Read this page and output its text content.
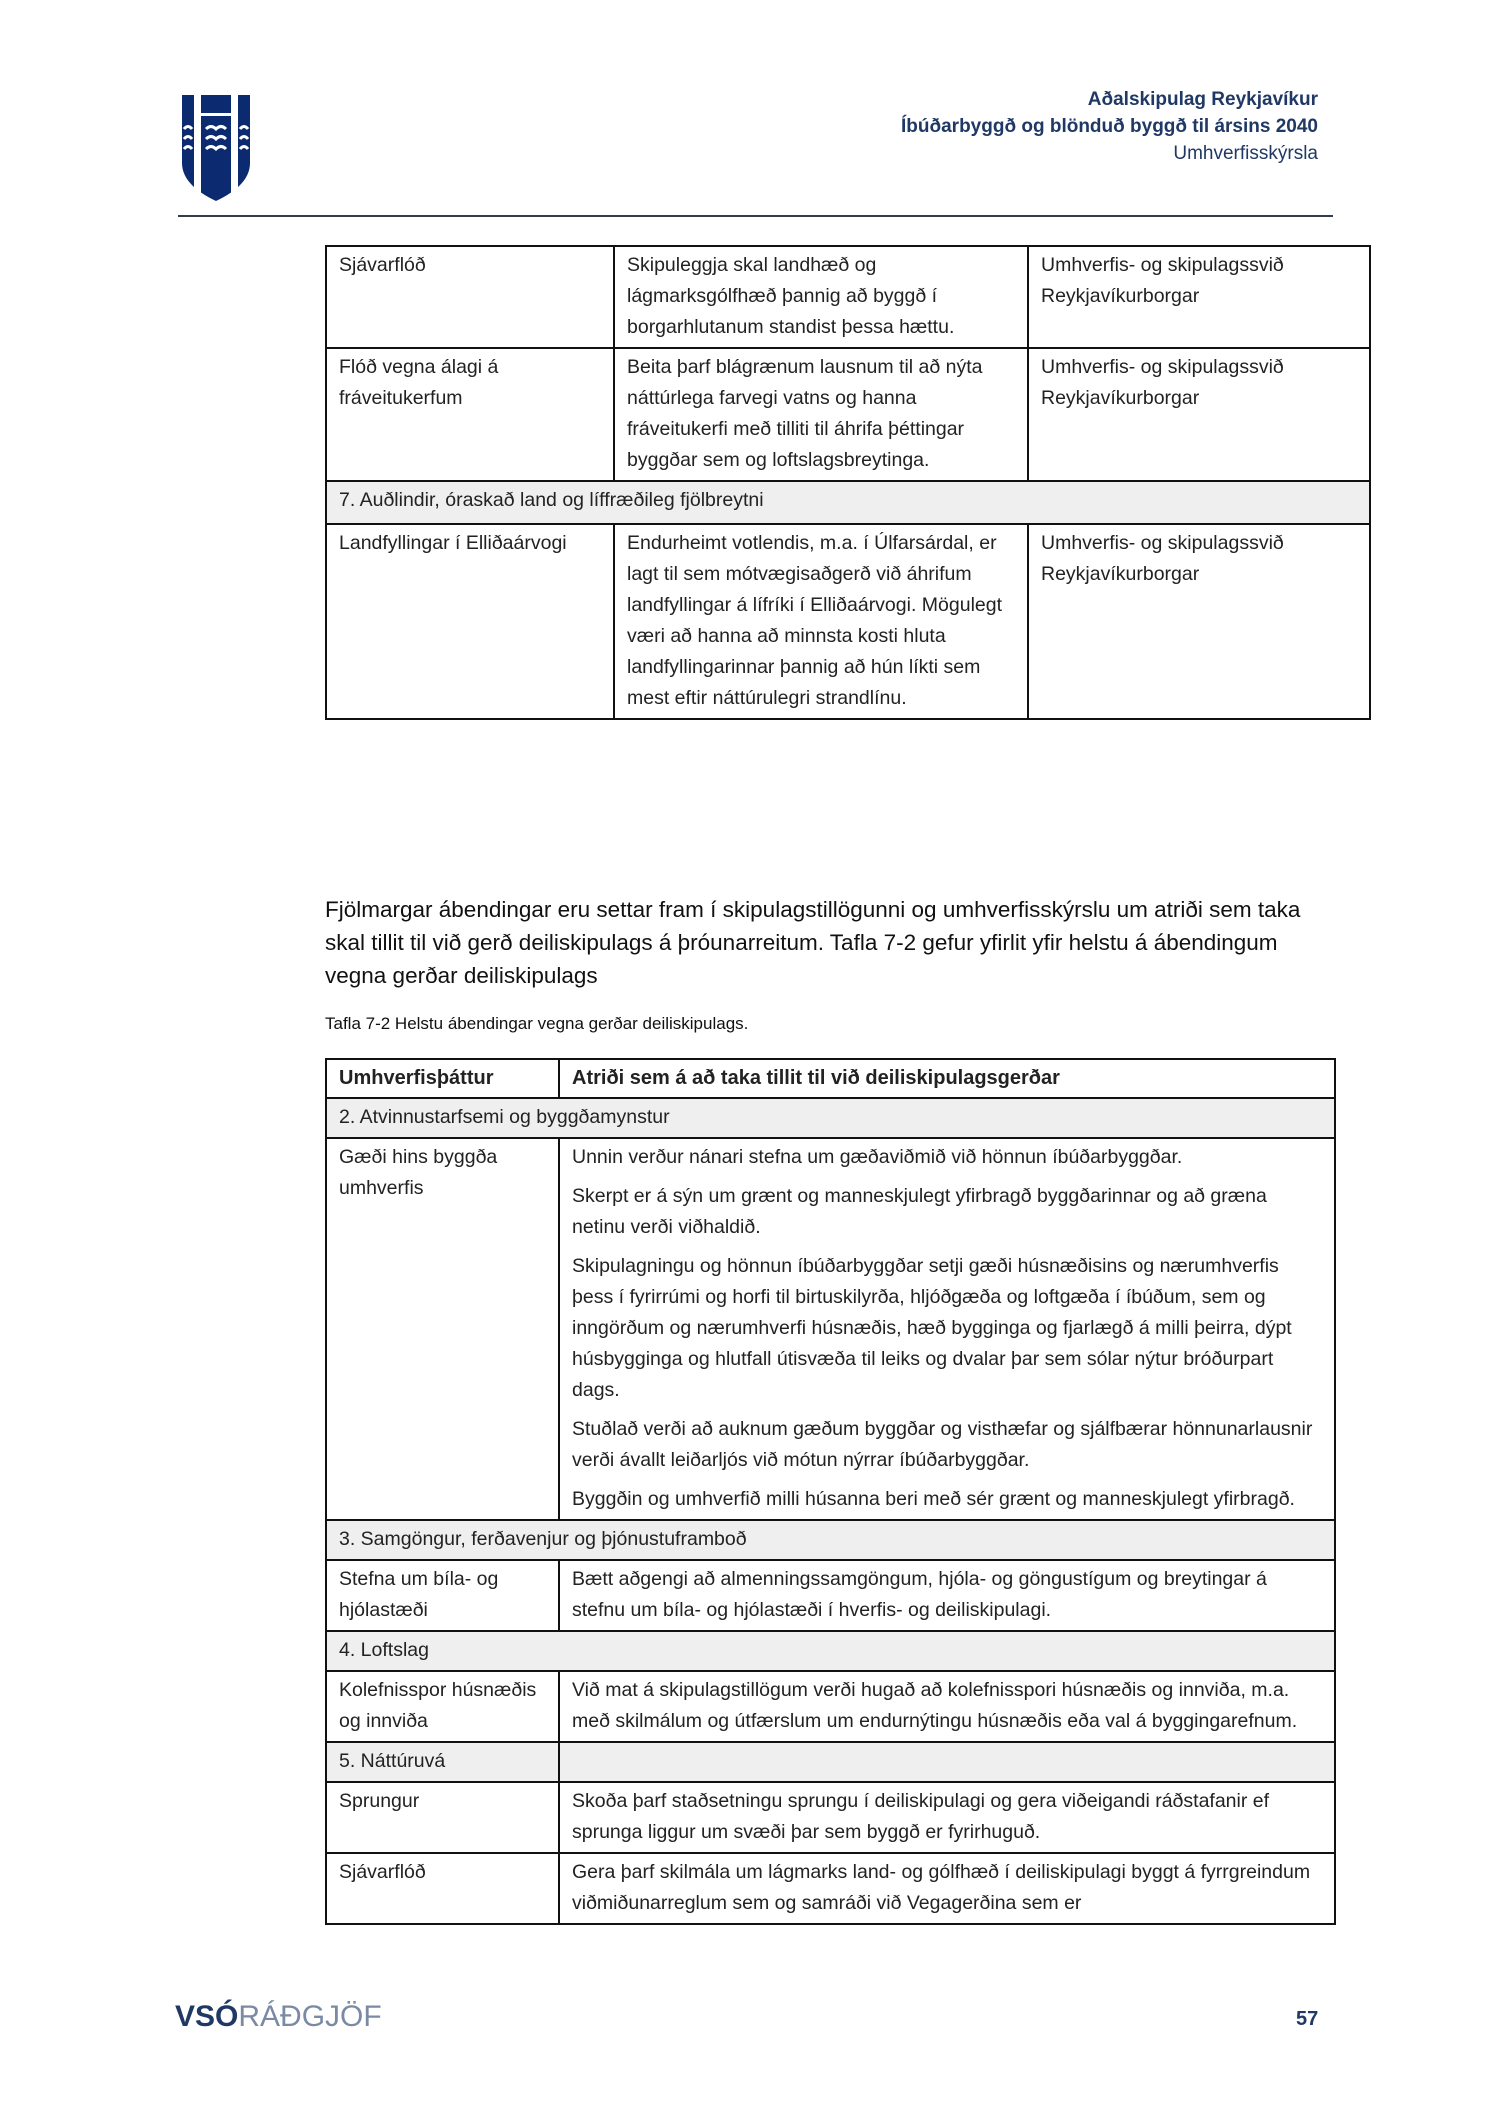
Aðalskipulag Reykjavíkur
Íbúðarbyggð og blönduð byggð til ársins 2040
Umhverfisskýrsla
Sjávarflóð	Skipuleggja skal landhæð og lágmarksgólfhæð þannig að byggð í borgarhlutanum standist þessa hættu.	Umhverfis- og skipulagssvið Reykjavíkurborgar
Flóð vegna álagi á fráveitukerfum	Beita þarf blágrænum lausnum til að nýta náttúrlega farvegi vatns og hanna fráveitukerfi með tilliti til áhrifa þéttingar byggðar sem og loftslagsbreytinga.	Umhverfis- og skipulagssvið Reykjavíkurborgar
7. Auðlindir, óraskað land og líffræðileg fjölbreytni		
Landfyllingar í Elliðaárvogi	Endurheimt votlendis, m.a. í Úlfarsárdal, er lagt til sem mótvægisaðgerð við áhrifum landfyllingar á lífríki í Elliðaárvogi. Mögulegt væri að hanna að minnsta kosti hluta landfyllingarinnar þannig að hún líkti sem mest eftir náttúrulegri strandlínu.	Umhverfis- og skipulagssvið Reykjavíkurborgar
Fjölmargar ábendingar eru settar fram í skipulagstillögunni og umhverfisskýrslu um atriði sem taka skal tillit til við gerð deiliskipulags á þróunarreitum. Tafla 7-2 gefur yfirlit yfir helstu á ábendingum vegna gerðar deiliskipulags
Tafla 7-2 Helstu ábendingar vegna gerðar deiliskipulags.
Umhverfisþáttur	Atriði sem á að taka tillit til við deiliskipulagsgerðar
2. Atvinnustarfsemi og byggðamynstur	
Gæði hins byggða umhverfis	Unnin verður nánari stefna um gæðaviðmið við hönnun íbúðarbyggðar.

Skerpt er á sýn um grænt og manneskjulegt yfirbragð byggðarinnar og að græna netinu verði viðhaldið.

Skipulagningu og hönnun íbúðarbyggðar setji gæði húsnæðisins og nærumhverfis þess í fyrirrúmi og horfi til birtuskilyrða, hljóðgæða og loftgæða í íbúðum, sem og inngörðum og nærumhverfi húsnæðis, hæð bygginga og fjarlægð á milli þeirra, dýpt húsbygginga og hlutfall útisvæða til leiks og dvalar þar sem sólar nýtur bróðurpart dags.

Stuðlað verði að auknum gæðum byggðar og visthæfar og sjálfbærar hönnunarlausnir verði ávallt leiðarljós við mótun nýrrar íbúðarbyggðar.

Byggðin og umhverfið milli húsanna beri með sér grænt og manneskjulegt yfirbragð.

3. Samgöngur, ferðavenjur og þjónustuframboð	
Stefna um bíla- og hjólastæði	Bætt aðgengi að almenningssamgöngum, hjóla- og göngustígum og breytingar á stefnu um bíla- og hjólastæði í hverfis- og deiliskipulagi.

4. Loftslag	
Kolefnisspor húsnæðis og innviða	Við mat á skipulagstillögum verði hugað að kolefnisspori húsnæðis og innviða, m.a. með skilmálum og útfærslum um endurnýtingu húsnæðis eða val á byggingarefnum.

5. Náttúruvá	
Sprungur	Skoða þarf staðsetningu sprungu í deiliskipulagi og gera viðeigandi ráðstafanir ef sprunga liggur um svæði þar sem byggð er fyrirhuguð.

Sjávarflóð	Gera þarf skilmála um lágmarks land- og gólfhæð í deiliskipulagi byggt á fyrrgreindum viðmiðunarreglum sem og samráði við Vegagerðina sem er

VSÓRÁÐGJÖF	57
